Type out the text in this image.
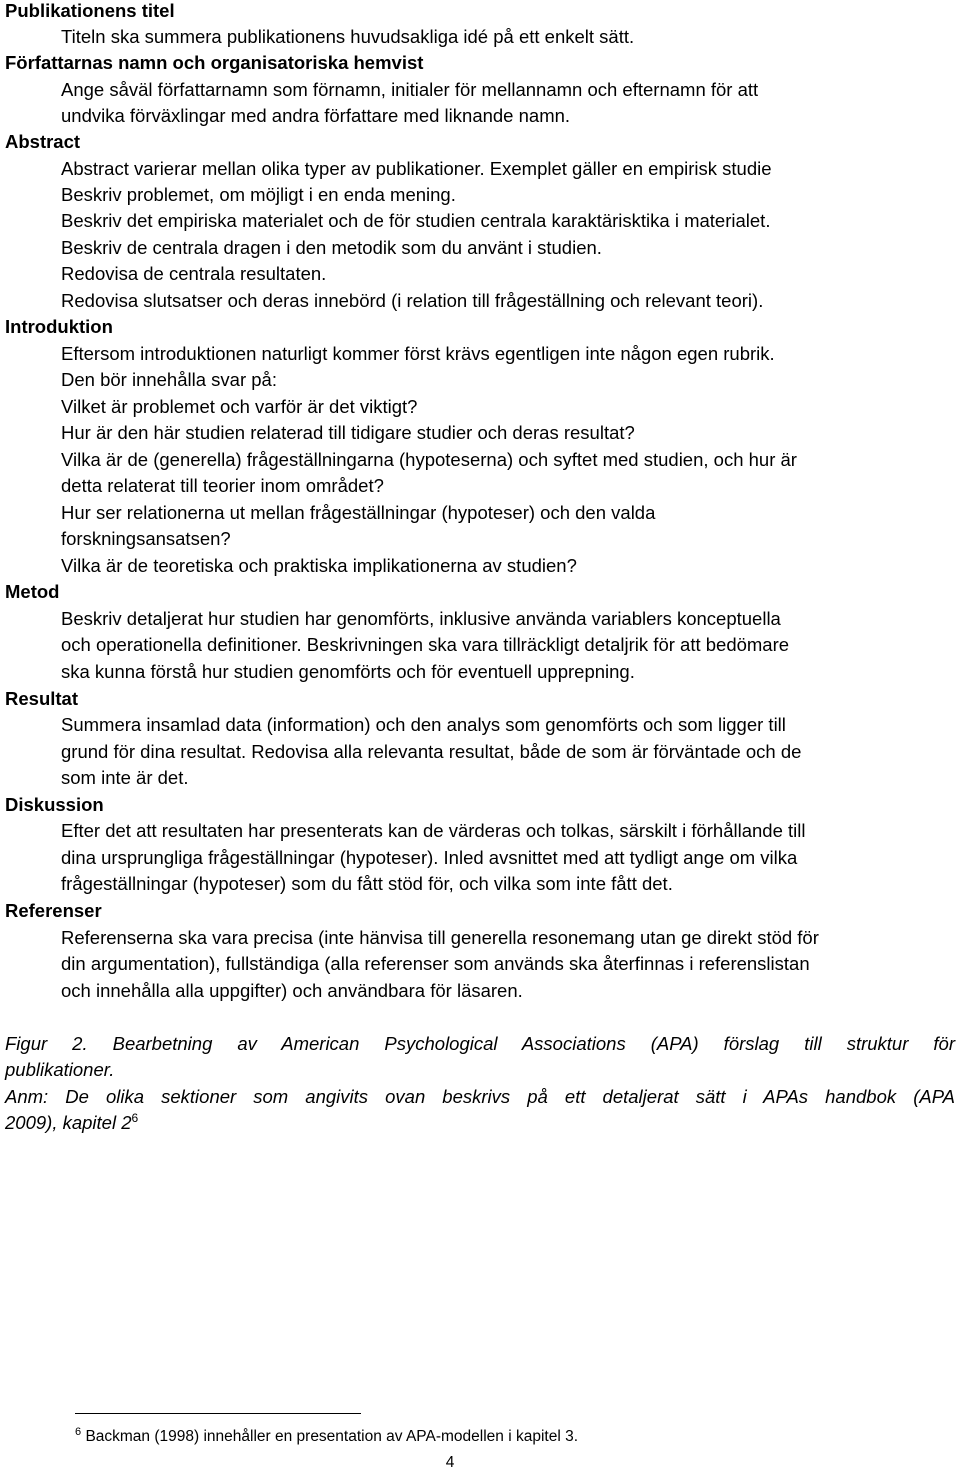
Publikationens titel
Titeln ska summera publikationens huvudsakliga idé på ett enkelt sätt.
Författarnas namn och organisatoriska hemvist
Ange såväl författarnamn som förnamn, initialer för mellannamn och efternamn för att
undvika förväxlingar med andra författare med liknande namn.
Abstract
Abstract varierar mellan olika typer av publikationer. Exemplet gäller en empirisk studie
Beskriv problemet, om möjligt i en enda mening.
Beskriv det empiriska materialet och de för studien centrala karaktärisktika i materialet.
Beskriv de centrala dragen i den metodik som du använt i studien.
Redovisa de centrala resultaten.
Redovisa slutsatser och deras innebörd (i relation till frågeställning och relevant teori).
Introduktion
Eftersom introduktionen naturligt kommer först krävs egentligen inte någon egen rubrik.
Den bör innehålla svar på:
Vilket är problemet och varför är det viktigt?
Hur är den här studien relaterad till tidigare studier och deras resultat?
Vilka är de (generella) frågeställningarna (hypoteserna) och syftet med studien, och hur är
detta relaterat till teorier inom området?
Hur ser relationerna ut mellan frågeställningar (hypoteser) och den valda
forskningsansatsen?
Vilka är de teoretiska och praktiska implikationerna av studien?
Metod
Beskriv detaljerat hur studien har genomförts, inklusive använda variablers konceptuella
och operationella definitioner. Beskrivningen ska vara tillräckligt detaljrik för att bedömare
ska kunna förstå hur studien genomförts och för eventuell upprepning.
Resultat
Summera insamlad data (information) och den analys som genomförts och som ligger till
grund för dina resultat. Redovisa alla relevanta resultat, både de som är förväntade och de
som inte är det.
Diskussion
Efter det att resultaten har presenterats kan de värderas och tolkas, särskilt i förhållande till
dina ursprungliga frågeställningar (hypoteser). Inled avsnittet med att tydligt ange om vilka
frågeställningar (hypoteser) som du fått stöd för, och vilka som inte fått det.
Referenser
Referenserna ska vara precisa (inte hänvisa till generella resonemang utan ge direkt stöd för
din argumentation), fullständiga (alla referenser som används ska återfinnas i referenslistan
och innehålla alla uppgifter) och användbara för läsaren.
Figur 2. Bearbetning av American Psychological Associations (APA) förslag till struktur för
publikationer.
Anm: De olika sektioner som angivits ovan beskrivs på ett detaljerat sätt i APAs handbok (APA
2009), kapitel $2^6$
$^6$ Backman (1998) innehåller en presentation av APA-modellen i kapitel 3.
4
